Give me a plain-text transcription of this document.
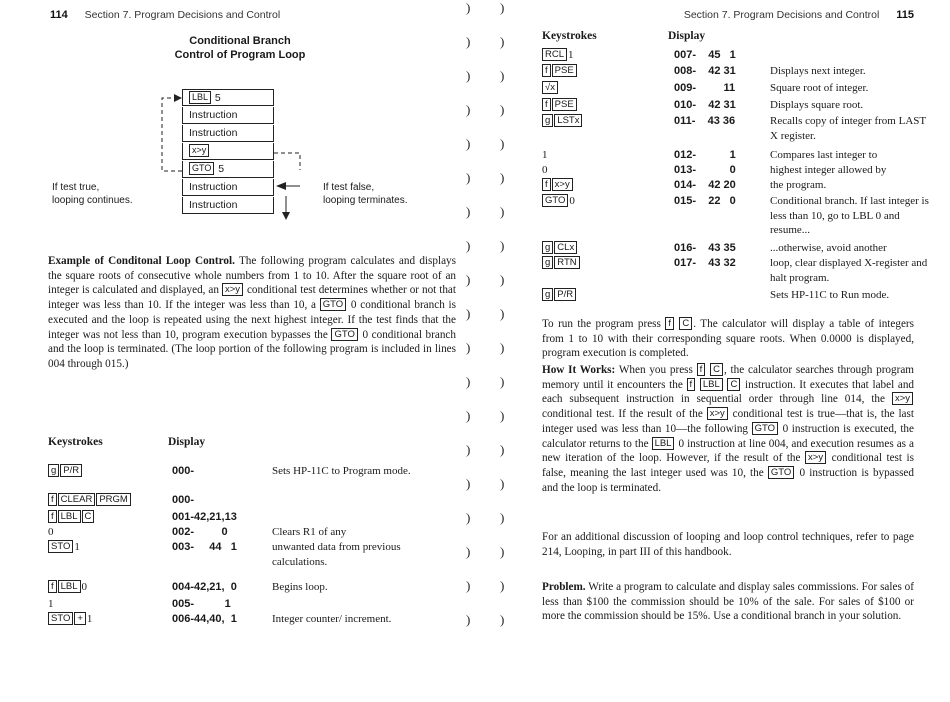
) )
) )
) )
) )
) )
) )
) )
) )
) )
) )
) )
) )
) )
) )
) )
) )
) )
) )
) )
114 Section 7. Program Decisions and Control
Conditional Branch
Control of Program Loop
LBL 5
Instruction
Instruction
x>y
GTO 5
Instruction
Instruction
If test true,
looping continues.
If test false,
looping terminates.
Example of Conditonal Loop Control. The following program calculates and displays the square roots of consecutive whole numbers from 1 to 10. After the square root of an integer is calculated and displayed, an x>y conditional test determines whether or not that integer was less than 10. If the integer was less than 10, a GTO 0 conditional branch is executed and the loop is repeated using the next highest integer. If the test finds that the integer was not less than 10, program execution bypasses the GTO 0 conditional branch and the loop is terminated. (The loop portion of the following program is included in lines 004 through 015.)
Keystrokes	Display
g P/R	000-	Sets HP-11C to Program mode.
f CLEAR PRGM	000-
f LBL C	001-42,21,13
0	002-         0	Clears R1 of any
STO 1	003-     44   1	unwanted data from previous calculations.
f LBL 0	004-42,21,  0	Begins loop.
1	005-          1
STO + 1	006-44,40,  1	Integer counter/ increment.
Section 7. Program Decisions and Control 115
Keystrokes	Display
RCL 1	007-    45   1
f PSE	008-    42 31	Displays next integer.
√x	009-         11	Square root of integer.
f PSE	010-    42 31	Displays square root.
g LSTx	011-    43 36	Recalls copy of integer from LAST X register.
1	012-           1	Compares last integer to
0	013-           0	highest integer allowed by
f x>y	014-    42 20	the program.
GTO 0	015-    22   0	Conditional branch. If last integer is less than 10, go to LBL 0 and resume...
g CLx	016-    43 35	...otherwise, avoid another
g RTN	017-    43 32	loop, clear displayed X-register and halt program.
g P/R	Sets HP-11C to Run mode.
To run the program press f C . The calculator will display a table of integers from 1 to 10 with their corresponding square roots. When 0.0000 is displayed, program execution is completed.
How It Works: When you press f C , the calculator searches through program memory until it encounters the f LBL C instruction. It executes that label and each subsequent instruction in sequential order through line 014, the x>y conditional test. If the result of the x>y conditional test is true—that is, the last integer used was less than 10—the following GTO 0 instruction is executed, the calculator returns to the LBL 0 instruction at line 004, and execution resumes as a new iteration of the loop. However, if the result of the x>y conditional test is false, meaning the last integer used was 10, the GTO 0 instruction is bypassed and the loop is terminated.
For an additional discussion of looping and loop control techniques, refer to page 214, Looping, in part III of this handbook.
Problem. Write a program to calculate and display sales commissions. For sales of less than $100 the commission should be 10% of the sale. For sales of $100 or more the commission should be 15%. Use a conditional branch in your solution.
